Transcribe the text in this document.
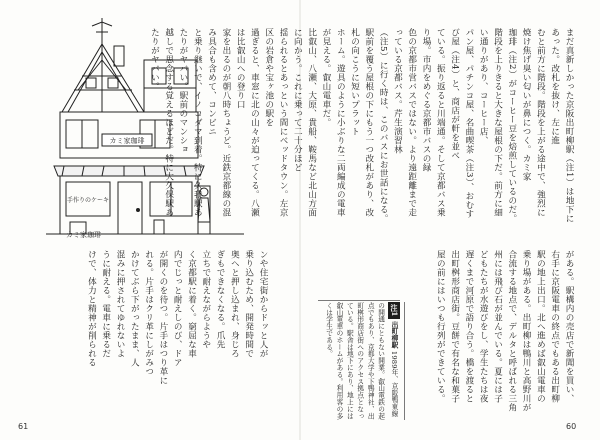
カミ家珈琲
手作りのケーキ
カミ家珈琲

まだ真新しかった京阪出町柳駅（注1）は地下にあった。改札を抜け、左に進

むと前方に階段。階段を上がる途中で、強烈に焼け焦げ臭い匂いが鼻につく。カミ家

珈琲（注2）がコーヒー豆を焙煎しているのだ。

階段を上りきると大きな屋根の下だ。前方に細い通りがあり、コーヒー店、

パン屋、パチンコ屋、名曲喫茶（注3）、おむすび屋（注4）と、商店が軒を並べ

ている。振り返ると川端通。そして京都バス乗り場。市内をめぐる京都市バスの緑

色の京都市営バスではない。より遠距離まで走っている京都バス。芹生演習林

（注5）に行く時は、このバスにお世話になる。

駅前を覆う屋根の下にもう一つ改札があり、改札の向こうに短いプラット

ホーム。遊具のように小ぶりな二両編成の電車が見える。叡山電車だ。

比叡山、八瀬、大原、貴船、鞍馬など北山方面に向かう。これに乗って二十分ほど

揺られるとあっという間にベッドタウン。左京区の岩倉や宝ヶ池の駅を

過ぎると、車窓に北の山々が迫ってくる。八瀬は比叡山への登り口

家を出るのが朝八時ちょうど。近鉄京都線の混み具合も含めて、コンビニ

と乗り継いで、イノコダマ到着。特に久我駅あたりがヤバい。駅前のマンショ

越しで思念する覚えるほどだ。特に大久保駅あたりがヤバい。

がある。駅構内の売店で新聞を買い、

右手に京阪電車の終点でもある出町柳

駅の地上出口。北へ進めば叡山電車の

乗り場がある。出町柳は鴨川と高野川が

合流する地点で、デルタと呼ばれる三角

州には飛び石が並んでいる。夏には子

どもたちが水遊びをし、学生たちは夜

遅くまで河原で語り合う。橋を渡ると

出町桝形商店街。豆餅で有名な和菓子

屋の前にはいつも行列ができている。

注1 出町柳駅 1989年、京阪鴨東線の開通にともない開業。叡山電鉄の起点でもあり、京都大学や下鴨神社、出町桝形商店街へのアクセス拠点となっている。駅舎は地下にあり、地上には叡山電車のホームがある。利用客の多くは学生である。

ンや住宅街からドッと人が

乗り込むため、開発時間で

奥へと押し込まれ、身じろ

ぎもできなくなる。爪先

立ちで耐えながらようや

く京都駅に着く。窮屈な車

内でじっと耐えしのび、ドア

が開くのを待つ。片手はつり革に

れる。片手はクリ革にしがみつ

かけてぶら下がったまま、人

混みに押されてゆれないよ

うに耐える。電車に乗るだ

けで、体力と精神が削られる

61	60
